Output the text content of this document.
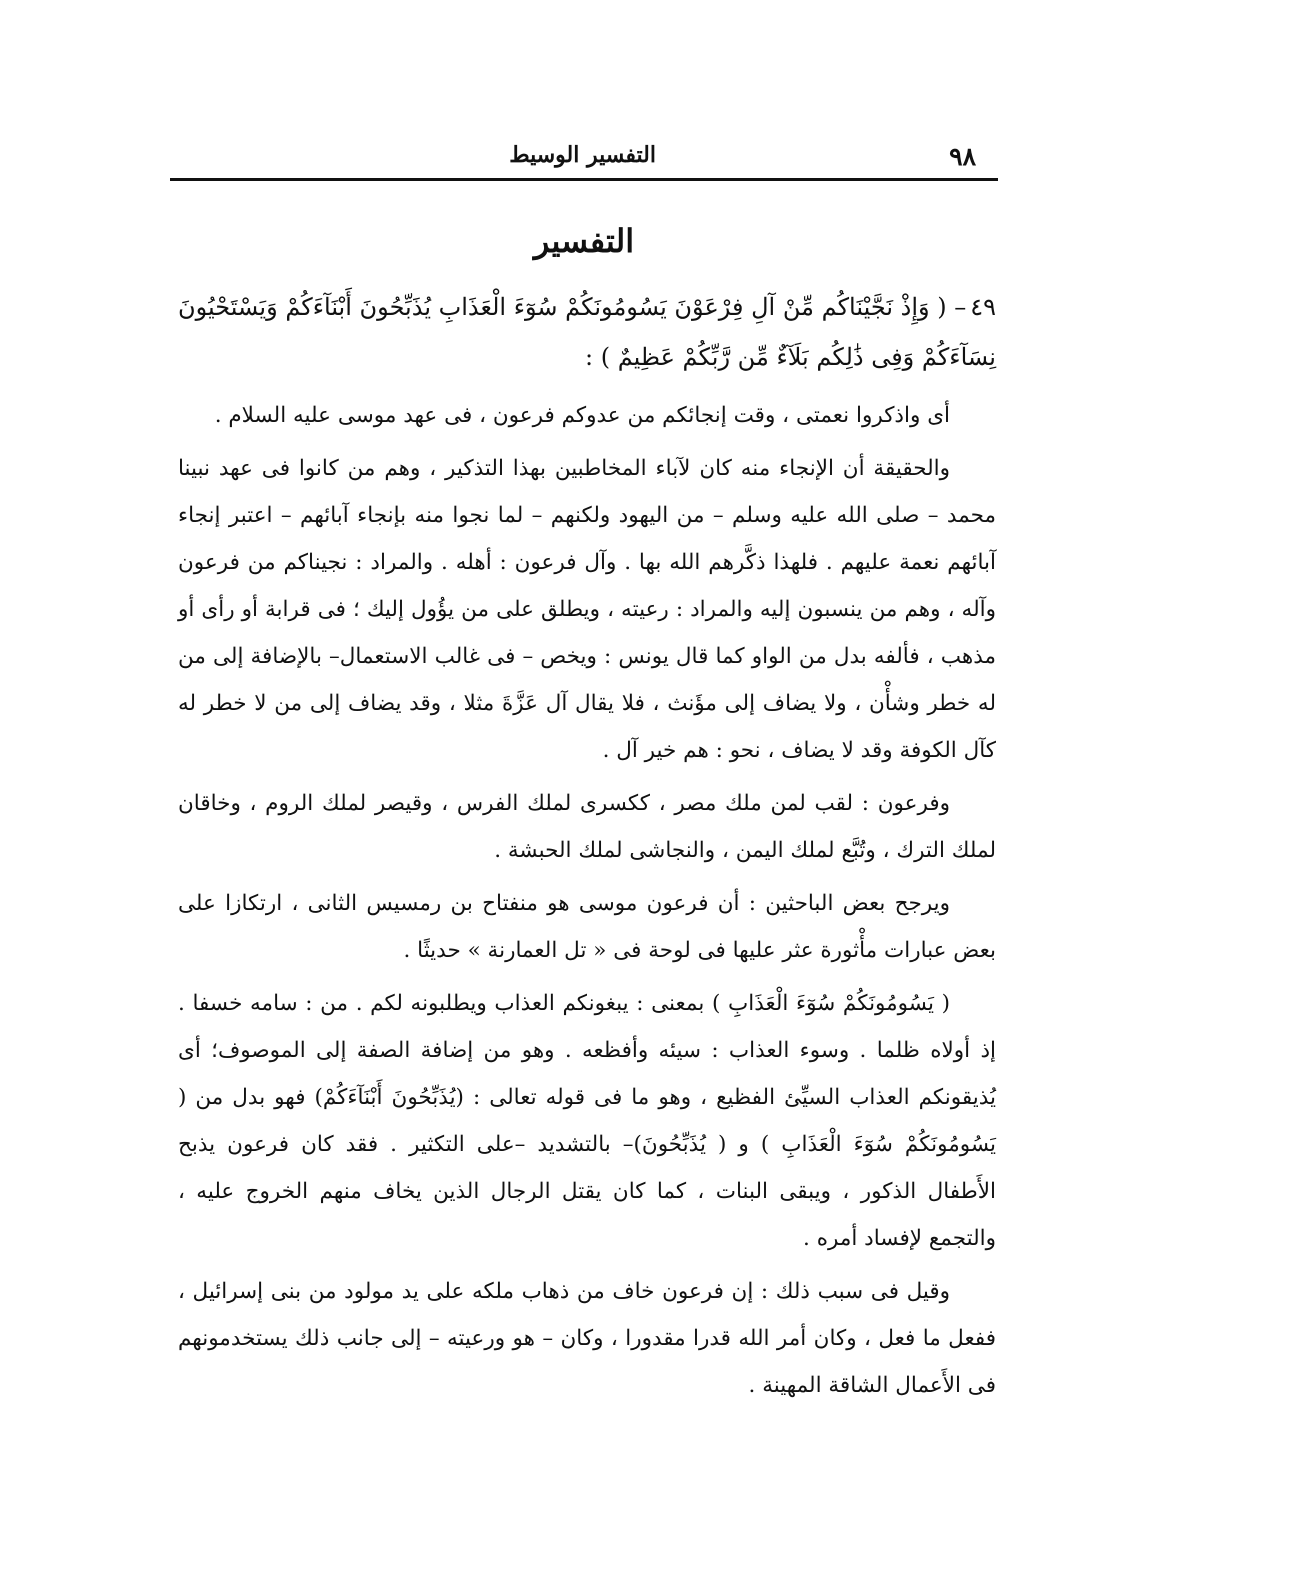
٩٨
التفسير الوسيط
التفسير

٤٩– ( وَإِذْ نَجَّيْنَاكُم مِّنْ آلِ فِرْعَوْنَ يَسُومُونَكُمْ سُوٓءَ الْعَذَابِ يُذَبِّحُونَ أَبْنَآءَكُمْ وَيَسْتَحْيُونَ نِسَآءَكُمْ وَفِى ذَٰلِكُم بَلَآءٌ مِّن رَّبِّكُمْ عَظِيمٌ ) :

أى واذكروا نعمتى ، وقت إنجائكم من عدوكم فرعون ، فى عهد موسى عليه السلام .

والحقيقة أن الإنجاء منه كان لآباء المخاطبين بهذا التذكير ، وهم من كانوا فى عهد نبينا محمد – صلى الله عليه وسلم – من اليهود ولكنهم – لما نجوا منه بإنجاء آبائهم – اعتبر إنجاء آبائهم نعمة عليهم . فلهذا ذكَّرهم الله بها . وآل فرعون : أهله . والمراد : نجيناكم من فرعون وآله ، وهم من ينسبون إليه والمراد : رعيته ، ويطلق على من يؤُول إليك ؛ فى قرابة أو رأى أو مذهب ، فألفه بدل من الواو كما قال يونس : ويخص – فى غالب الاستعمال– بالإضافة إلى من له خطر وشأْن ، ولا يضاف إلى مؤَنث ، فلا يقال آل عَزَّةَ مثلا ، وقد يضاف إلى من لا خطر له كآل الكوفة وقد لا يضاف ، نحو : هم خير آل .

وفرعون : لقب لمن ملك مصر ، ككسرى لملك الفرس ، وقيصر لملك الروم ، وخاقان لملك الترك ، وتُبَّع لملك اليمن ، والنجاشى لملك الحبشة .

ويرجح بعض الباحثين : أن فرعون موسى هو منفتاح بن رمسيس الثانى ، ارتكازا على بعض عبارات مأْثورة عثر عليها فى لوحة فى « تل العمارنة » حديثًا .

( يَسُومُونَكُمْ سُوٓءَ الْعَذَابِ ) بمعنى : يبغونكم العذاب ويطلبونه لكم . من : سامه خسفا . إذ أولاه ظلما . وسوء العذاب : سيئه وأفظعه . وهو من إضافة الصفة إلى الموصوف؛ أى يُذيقونكم العذاب السيِّئ الفظيع ، وهو ما فى قوله تعالى : (يُذَبِّحُونَ أَبْنَآءَكُمْ) فهو بدل من ( يَسُومُونَكُمْ سُوٓءَ الْعَذَابِ ) و ( يُذَبِّحُونَ)– بالتشديد –على التكثير . فقد كان فرعون يذبح الأَطفال الذكور ، ويبقى البنات ، كما كان يقتل الرجال الذين يخاف منهم الخروج عليه ، والتجمع لإفساد أمره .

وقيل فى سبب ذلك : إن فرعون خاف من ذهاب ملكه على يد مولود من بنى إسرائيل ، ففعل ما فعل ، وكان أمر الله قدرا مقدورا ، وكان – هو ورعيته – إلى جانب ذلك يستخدمونهم فى الأَعمال الشاقة المهينة .
